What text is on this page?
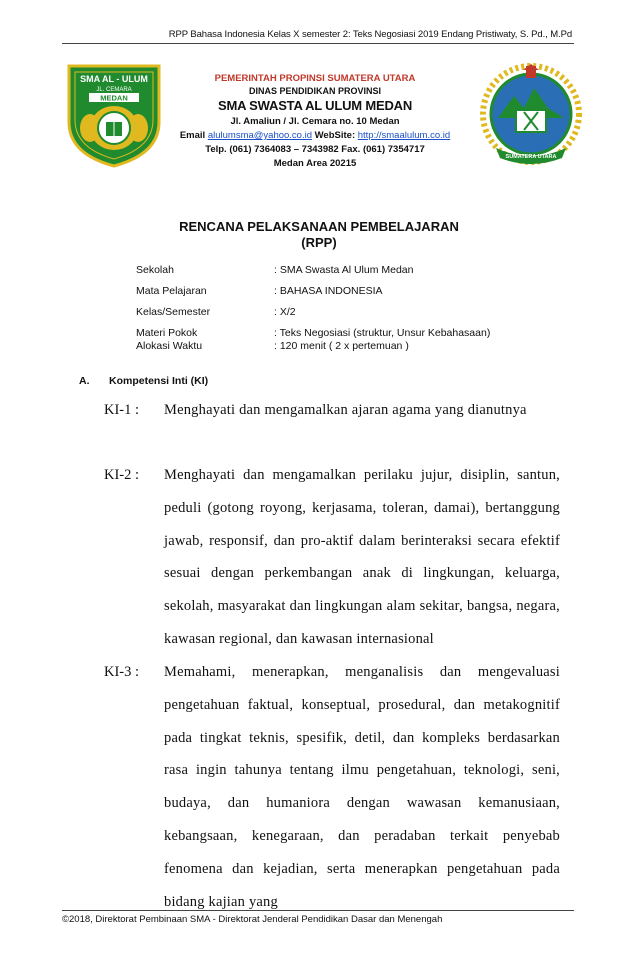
RPP Bahasa Indonesia Kelas X semester 2: Teks Negosiasi 2019 Endang Pristiwaty, S. Pd., M.Pd
SMA AL - ULUM
JL. CEMARA
MEDAN
SUMATERA UTARA
PEMERINTAH PROPINSI SUMATERA UTARA
DINAS PENDIDIKAN PROVINSI
SMA SWASTA AL ULUM MEDAN
Jl. Amaliun / Jl. Cemara no. 10 Medan
Email alulumsma@yahoo.co.id WebSite: http://smaalulum.co.id
Telp. (061) 7364083 – 7343982 Fax. (061) 7354717
Medan Area 20215
RENCANA PELAKSANAAN PEMBELAJARAN
(RPP)
Sekolah	: SMA Swasta Al Ulum Medan
Mata Pelajaran	: BAHASA INDONESIA
Kelas/Semester	: X/2
Materi Pokok	: Teks Negosiasi (struktur, Unsur Kebahasaan)
Alokasi Waktu	: 120 menit ( 2 x pertemuan )
A. Kompetensi Inti (KI)
KI-1 :	Menghayati dan mengamalkan ajaran agama yang dianutnya
KI-2 :	Menghayati dan mengamalkan perilaku jujur, disiplin, santun, peduli (gotong royong, kerjasama, toleran, damai), bertanggung jawab, responsif, dan pro-aktif dalam berinteraksi secara efektif sesuai dengan perkembangan anak di lingkungan, keluarga, sekolah, masyarakat dan lingkungan alam sekitar, bangsa, negara, kawasan regional, dan kawasan internasional
KI-3 :	Memahami, menerapkan, menganalisis dan mengevaluasi pengetahuan faktual, konseptual, prosedural, dan metakognitif pada tingkat teknis, spesifik, detil, dan kompleks berdasarkan rasa ingin tahunya tentang ilmu pengetahuan, teknologi, seni, budaya, dan humaniora dengan wawasan kemanusiaan, kebangsaan, kenegaraan, dan peradaban terkait penyebab fenomena dan kejadian, serta menerapkan pengetahuan pada bidang kajian yang
©2018, Direktorat Pembinaan SMA - Direktorat Jenderal Pendidikan Dasar dan Menengah
